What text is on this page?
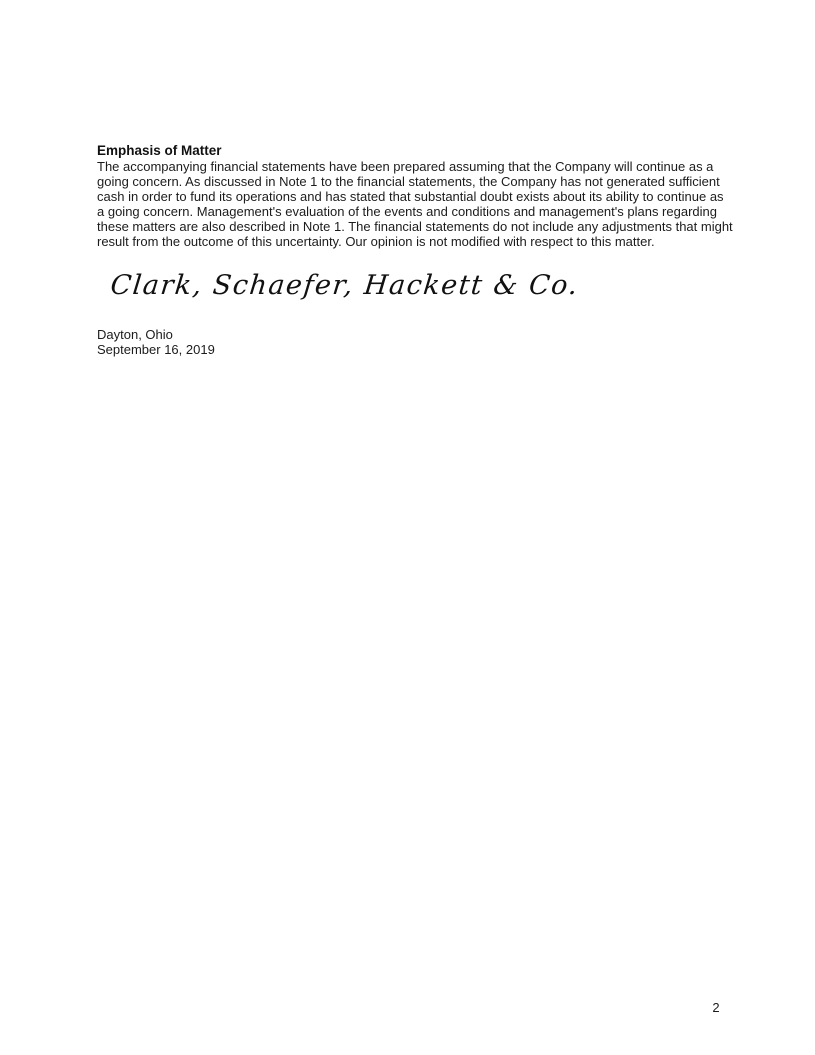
Emphasis of Matter

The accompanying financial statements have been prepared assuming that the Company will continue as a going concern. As discussed in Note 1 to the financial statements, the Company has not generated sufficient cash in order to fund its operations and has stated that substantial doubt exists about its ability to continue as a going concern. Management's evaluation of the events and conditions and management's plans regarding these matters are also described in Note 1. The financial statements do not include any adjustments that might result from the outcome of this uncertainty. Our opinion is not modified with respect to this matter.

Clark, Schaefer, Hackett & Co.

Dayton, Ohio

September 16, 2019

2
